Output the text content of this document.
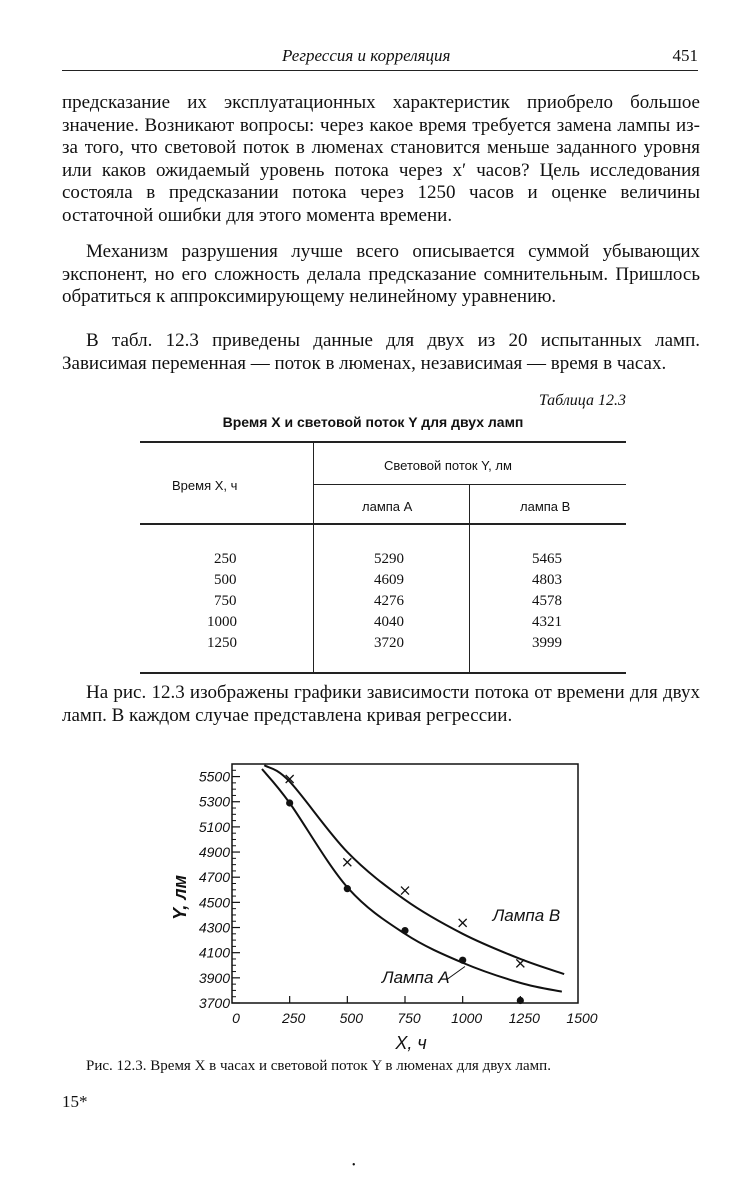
Регрессия и корреляция	451

предсказание их эксплуатационных характеристик приобрело большое значение. Возникают вопросы: через какое время требуется замена лампы из-за того, что световой поток в люменах становится меньше заданного уровня или каков ожидаемый уровень потока через x′ часов? Цель исследования состояла в предсказании потока через 1250 часов и оценке величины остаточной ошибки для этого момента времени.

Механизм разрушения лучше всего описывается суммой убывающих экспонент, но его сложность делала предсказание сомнительным. Пришлось обратиться к аппроксимирующему нелинейному уравнению.

В табл. 12.3 приведены данные для двух из 20 испытанных ламп. Зависимая переменная — поток в люменах, независимая — время в часах.

Таблица 12.3
Время X и световой поток Y для двух ламп
Время X, ч
Световой поток Y, лм
лампа A	лампа B
250	5290	5465
500	4609	4803
750	4276	4578
1000	4040	4321
1250	3720	3999

На рис. 12.3 изображены графики зависимости потока от времени для двух ламп. В каждом случае представлена кривая регрессии.

3700
3900
4100
4300
4500
4700
4900
5100
5300
5500
0	250 500 750 1000 1250 1500
X, ч
Y, лм	Лампа B
Лампа A
Рис. 12.3. Время X в часах и световой поток Y в люменах для двух ламп.
15*
•
